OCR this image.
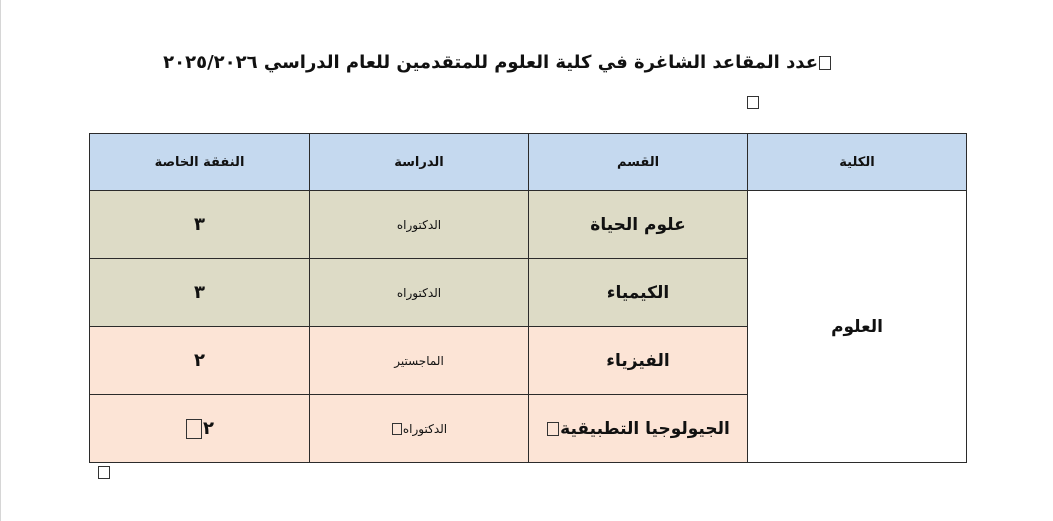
عدد المقاعد الشاغرة في كلية العلوم للمتقدمين للعام الدراسي ٢٠٢٥/٢٠٢٦
الكلية	القسم	الدراسة	النفقة الخاصة
العلوم	علوم الحياة	الدكتوراه	٣
	الكيمياء	الدكتوراه	٣
	الفيزياء	الماجستير	٢
	الجيولوجيا التطبيقية	الدكتوراه	٢
